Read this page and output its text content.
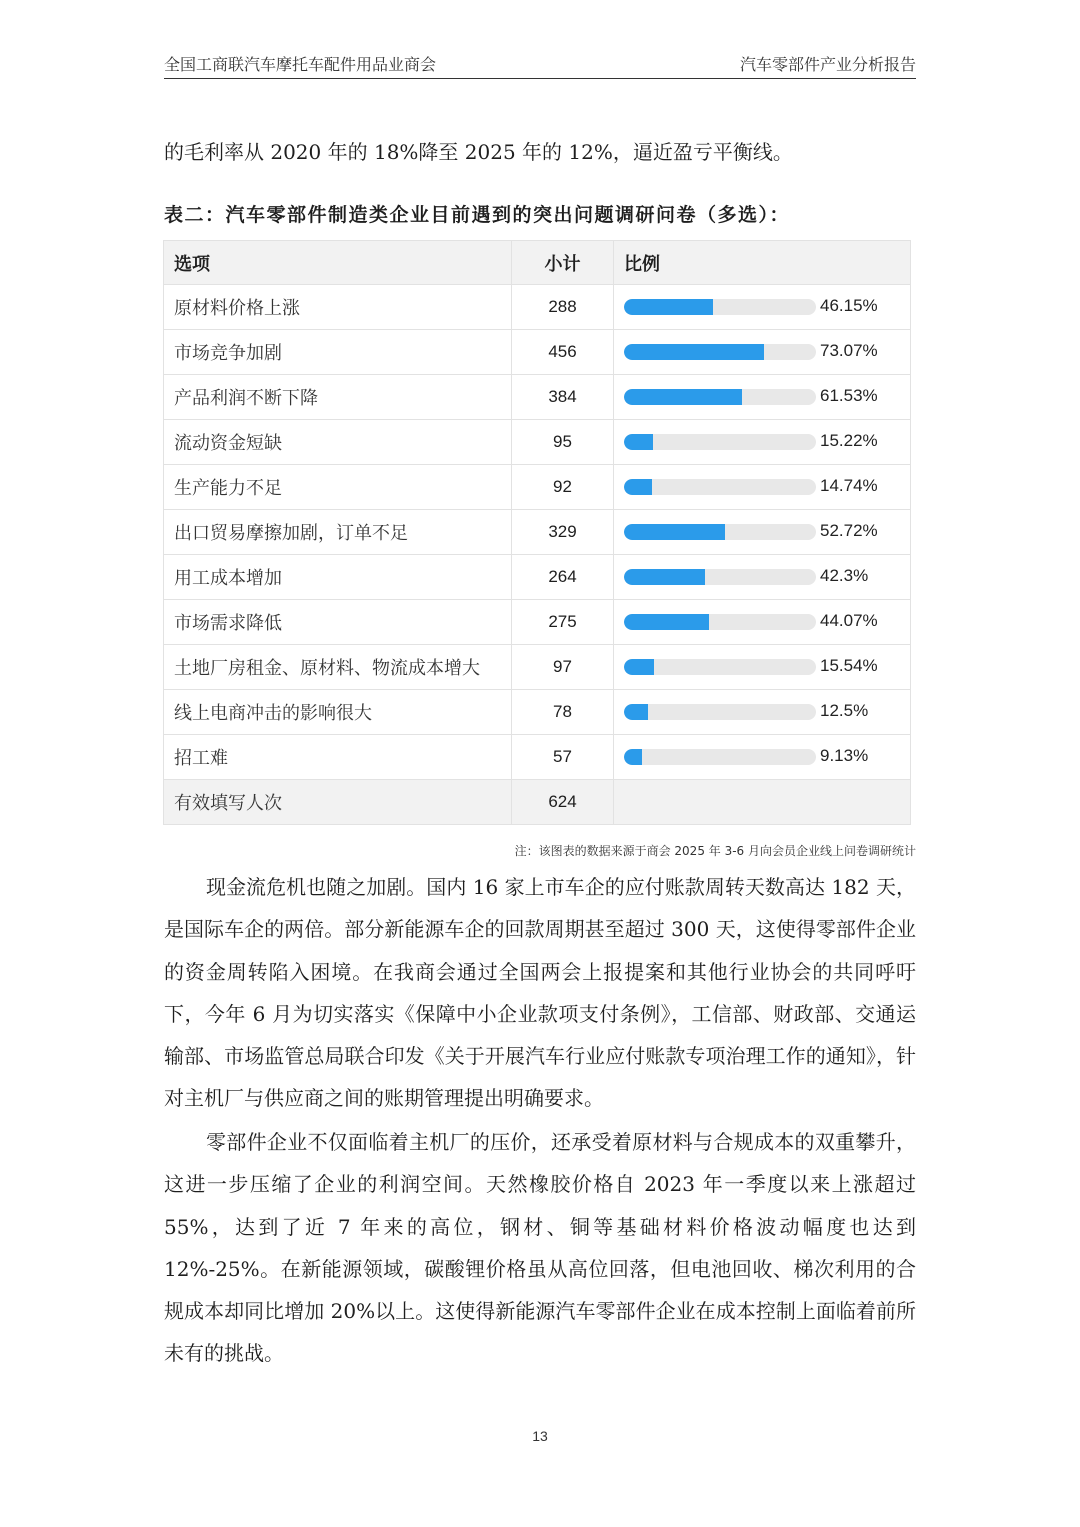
全国工商联汽车摩托车配件用品业商会	汽车零部件产业分析报告

的毛利率从 2020 年的 18%降至 2025 年的 12%，逼近盈亏平衡线。

表二：汽车零部件制造类企业目前遇到的突出问题调研问卷（多选）：

选项	小计	比例
原材料价格上涨	288	46.15%

市场竞争加剧	456	73.07%

产品利润不断下降	384	61.53%

流动资金短缺	95	15.22%

生产能力不足	92	14.74%

出口贸易摩擦加剧，订单不足	329	52.72%

用工成本增加	264	42.3%

市场需求降低	275	44.07%

土地厂房租金、原材料、物流成本增大	97	15.54%

线上电商冲击的影响很大	78	12.5%

招工难	57	9.13%

有效填写人次	624	
注：该图表的数据来源于商会 2025 年 3-6 月向会员企业线上问卷调研统计

现金流危机也随之加剧。国内 16 家上市车企的应付账款周转天数高达 182 天，是国际车企的两倍。部分新能源车企的回款周期甚至超过 300 天，这使得零部件企业的资金周转陷入困境。在我商会通过全国两会上报提案和其他行业协会的共同呼吁下，今年 6 月为切实落实《保障中小企业款项支付条例》，工信部、财政部、交通运输部、市场监管总局联合印发《关于开展汽车行业应付账款专项治理工作的通知》，针对主机厂与供应商之间的账期管理提出明确要求。

零部件企业不仅面临着主机厂的压价，还承受着原材料与合规成本的双重攀升，这进一步压缩了企业的利润空间。天然橡胶价格自 2023 年一季度以来上涨超过 55%，达到了近 7 年来的高位，钢材、铜等基础材料价格波动幅度也达到 12%-25%。在新能源领域，碳酸锂价格虽从高位回落，但电池回收、梯次利用的合规成本却同比增加 20%以上。这使得新能源汽车零部件企业在成本控制上面临着前所未有的挑战。

13
